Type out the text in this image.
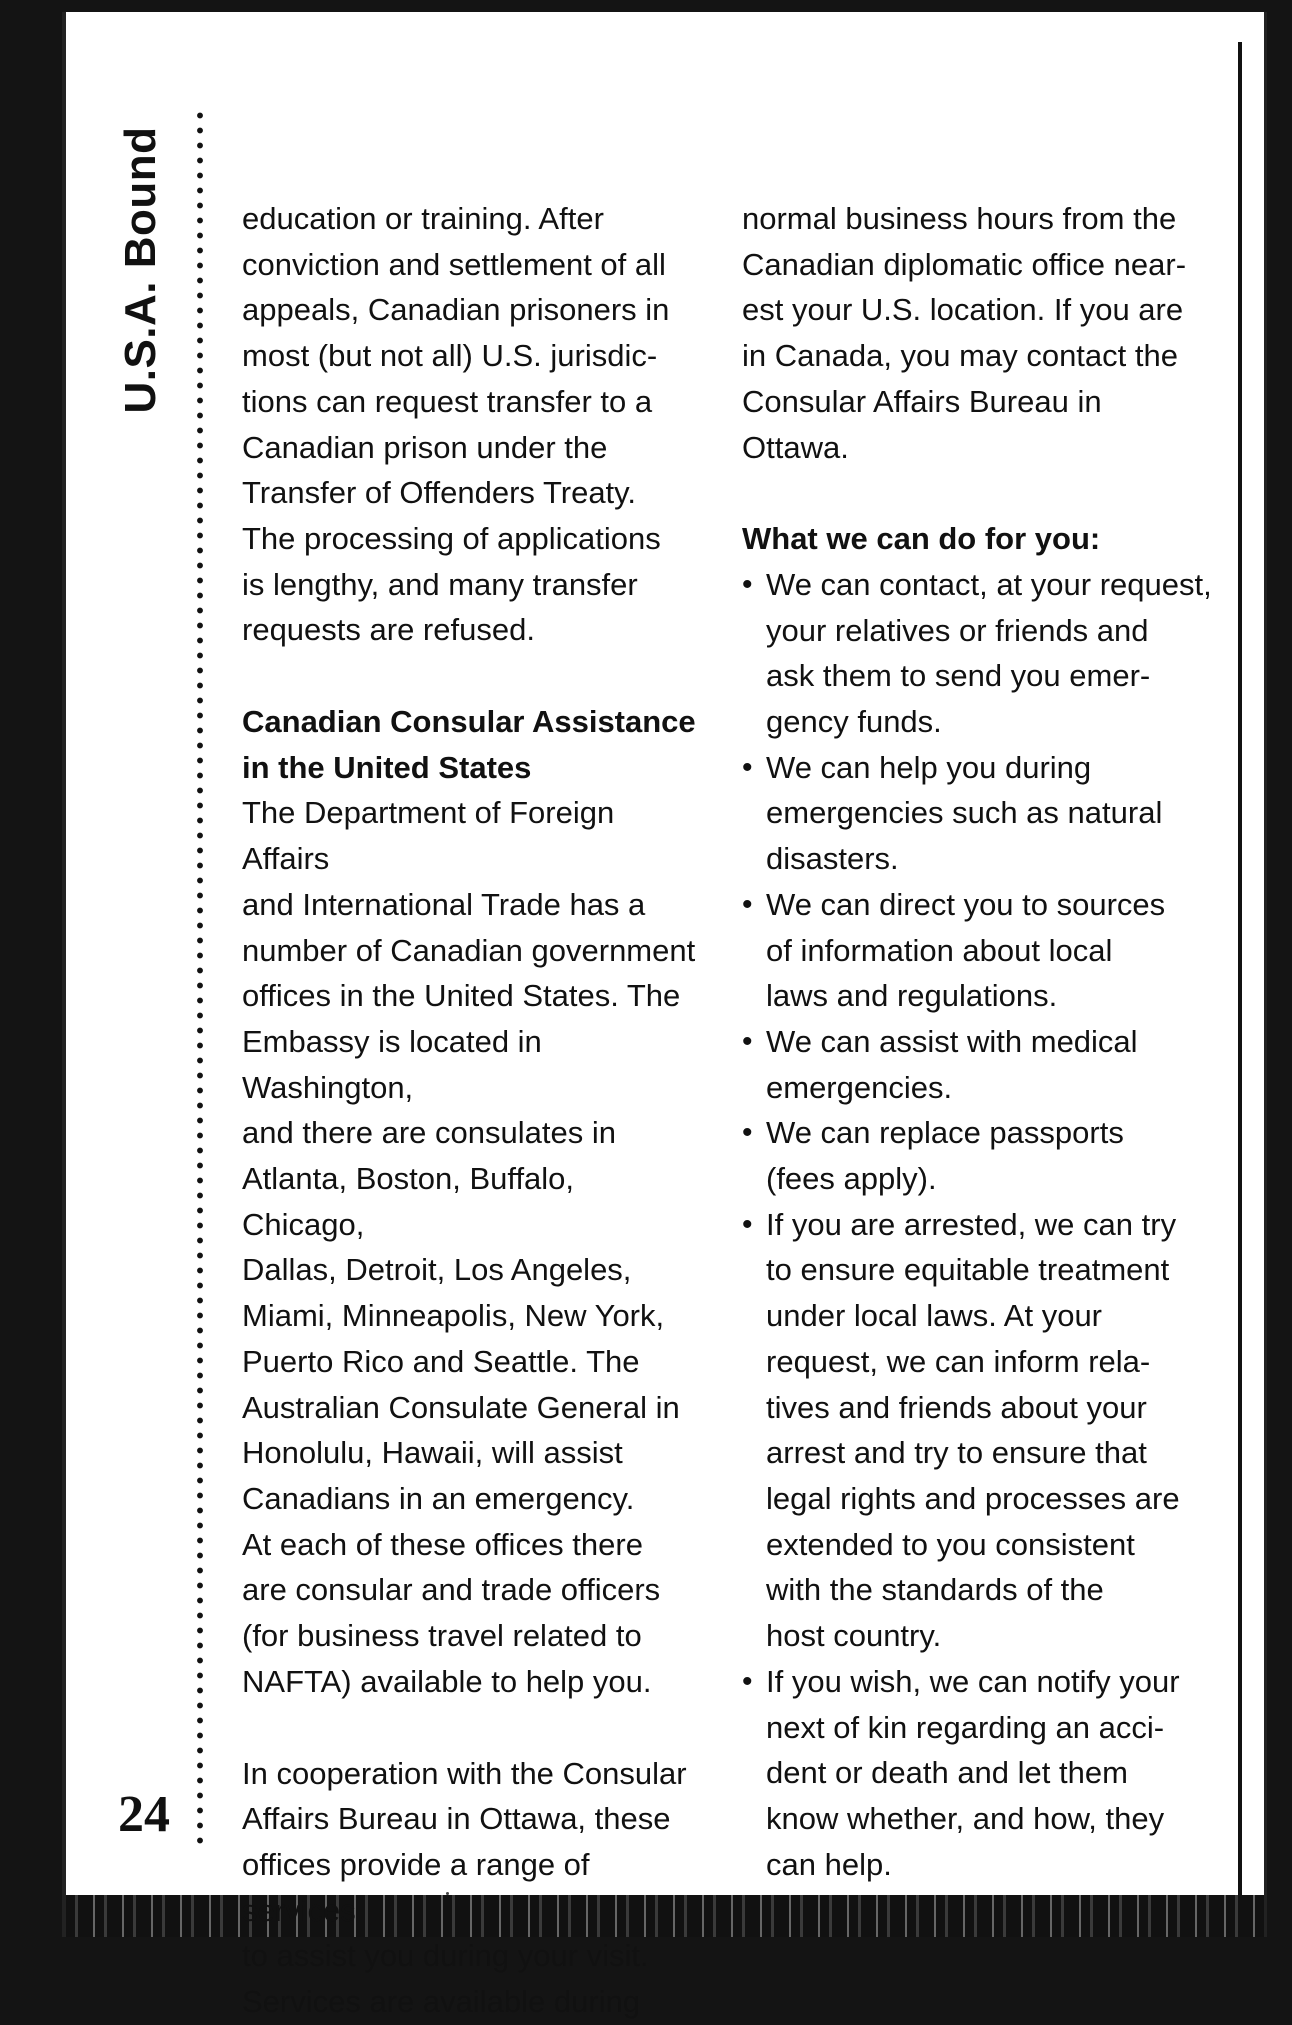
U.S.A. Bound
24

education or training. After
conviction and settlement of all
appeals, Canadian prisoners in
most (but not all) U.S. jurisdic-
tions can request transfer to a
Canadian prison under the
Transfer of Offenders Treaty.
The processing of applications
is lengthy, and many transfer
requests are refused.

Canadian Consular Assistance
in the United States

The Department of Foreign Affairs
and International Trade has a
number of Canadian government
offices in the United States. The
Embassy is located in Washington,
and there are consulates in
Atlanta, Boston, Buffalo, Chicago,
Dallas, Detroit, Los Angeles,
Miami, Minneapolis, New York,
Puerto Rico and Seattle. The
Australian Consulate General in
Honolulu, Hawaii, will assist
Canadians in an emergency.
At each of these offices there
are consular and trade officers
(for business travel related to
NAFTA) available to help you.

In cooperation with the Consular
Affairs Bureau in Ottawa, these
offices provide a range of services
to assist you during your visit.
Services are available during

normal business hours from the
Canadian diplomatic office near-
est your U.S. location. If you are
in Canada, you may contact the
Consular Affairs Bureau in Ottawa.

What we can do for you:

• We can contact, at your request,
your relatives or friends and
ask them to send you emer-
gency funds.
• We can help you during
emergencies such as natural
disasters.
• We can direct you to sources
of information about local
laws and regulations.
• We can assist with medical
emergencies.
• We can replace passports
(fees apply).
• If you are arrested, we can try
to ensure equitable treatment
under local laws. At your
request, we can inform rela-
tives and friends about your
arrest and try to ensure that
legal rights and processes are
extended to you consistent
with the standards of the
host country.
• If you wish, we can notify your
next of kin regarding an acci-
dent or death and let them
know whether, and how, they
can help.
